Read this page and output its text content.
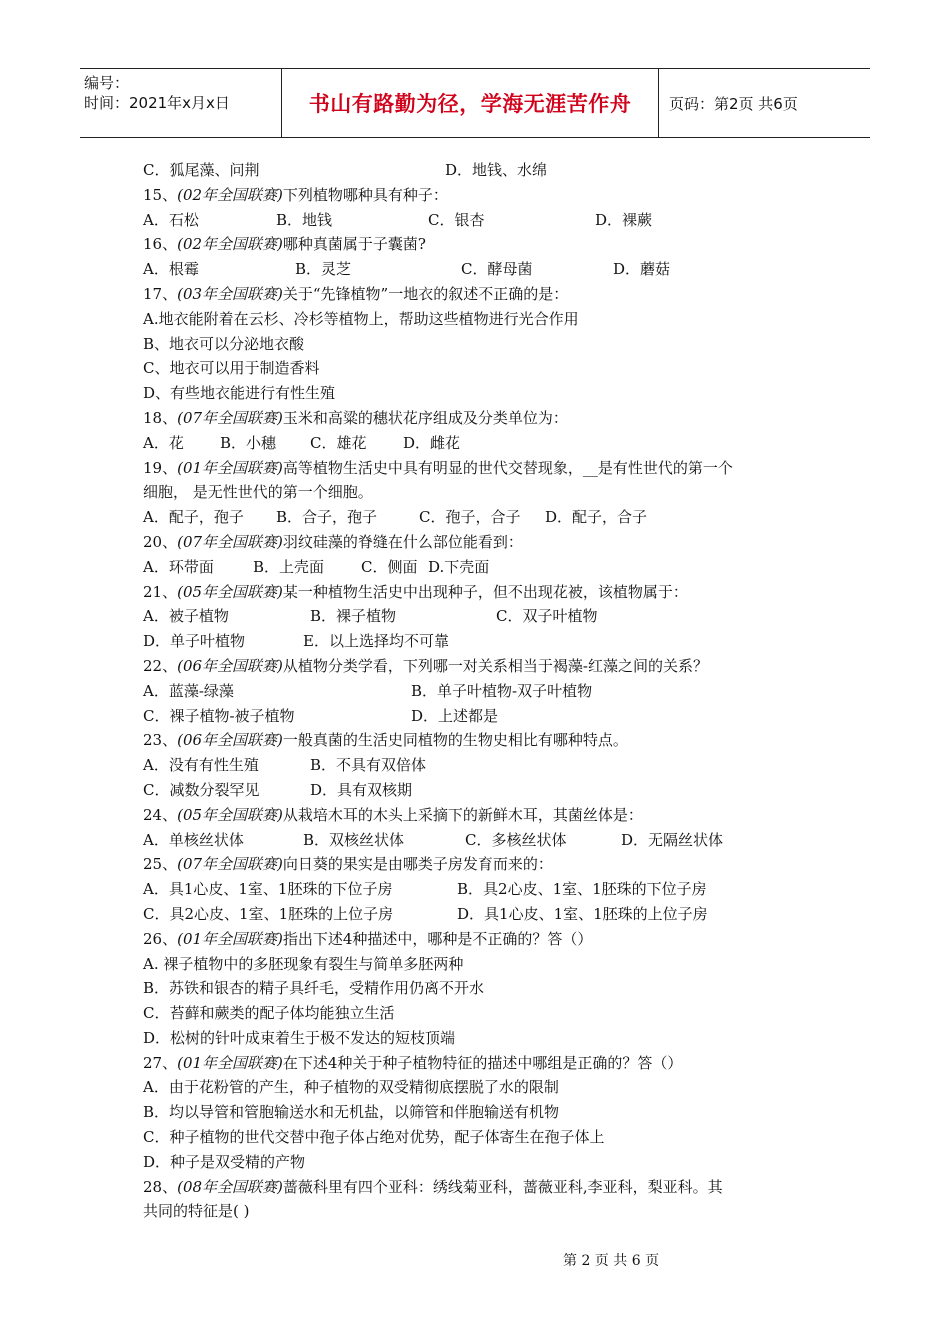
编号：
时间：2021年x月x日	书山有路勤为径，学海无涯苦作舟	页码：第2页 共6页
C．狐尾藻、问荆	D．地钱、水绵
15、(02年全国联赛)下列植物哪种具有种子：
A．石松	B．地钱	C．银杏	D．裸蕨
16、(02年全国联赛)哪种真菌属于子囊菌?
A．根霉	B．灵芝	C．酵母菌	D．蘑菇
17、(03年全国联赛)关于“先锋植物”一地衣的叙述不正确的是：
A.地衣能附着在云杉、冷杉等植物上，帮助这些植物进行光合作用
B、地衣可以分泌地衣酸
C、地衣可以用于制造香料
D、有些地衣能进行有性生殖
18、(07年全国联赛)玉米和高粱的穗状花序组成及分类单位为：
A．花 B．小穗 C．雄花 D．雌花
19、(01年全国联赛)高等植物生活史中具有明显的世代交替现象，__是有性世代的第一个
细胞， 是无性世代的第一个细胞。
A．配子，孢子 B．合子，孢子	C．孢子，合子 D．配子，合子
20、(07年全国联赛)羽纹硅藻的脊缝在什么部位能看到：
A．环带面	B．上壳面 C．侧面 D.下壳面
21、(05年全国联赛)某一种植物生活史中出现种子，但不出现花被，该植物属于：
A．被子植物	B．裸子植物	C．双子叶植物
D．单子叶植物	E．以上选择均不可靠
22、(06年全国联赛)从植物分类学看，下列哪一对关系相当于褐藻-红藻之间的关系？
A．蓝藻-绿藻	B．单子叶植物-双子叶植物
C．裸子植物-被子植物	D．上述都是
23、(06年全国联赛)一般真菌的生活史同植物的生物史相比有哪种特点。
A．没有有性生殖	B．不具有双倍体
C．减数分裂罕见	D．具有双核期
24、(05年全国联赛)从栽培木耳的木头上采摘下的新鲜木耳，其菌丝体是：
A．单核丝状体	B．双核丝状体	C．多核丝状体	D．无隔丝状体
25、(07年全国联赛)向日葵的果实是由哪类子房发育而来的：
A．具1心皮、1室、1胚珠的下位子房	B．具2心皮、1室、1胚珠的下位子房
C．具2心皮、1室、1胚珠的上位子房	D．具1心皮、1室、1胚珠的上位子房
26、(01年全国联赛)指出下述4种描述中，哪种是不正确的？答（）
A. 裸子植物中的多胚现象有裂生与简单多胚两种
B．苏铁和银杏的精子具纤毛，受精作用仍离不开水
C．苔藓和蕨类的配子体均能独立生活
D．松树的针叶成束着生于极不发达的短枝顶端
27、(01年全国联赛)在下述4种关于种子植物特征的描述中哪组是正确的？答（）
A．由于花粉管的产生，种子植物的双受精彻底摆脱了水的限制
B．均以导管和管胞输送水和无机盐，以筛管和伴胞输送有机物
C．种子植物的世代交替中孢子体占绝对优势，配子体寄生在孢子体上
D．种子是双受精的产物
28、(08年全国联赛)蔷薇科里有四个亚科：绣线菊亚科，蔷薇亚科,李亚科，梨亚科。其
共同的特征是( )
第 2 页 共 6 页
